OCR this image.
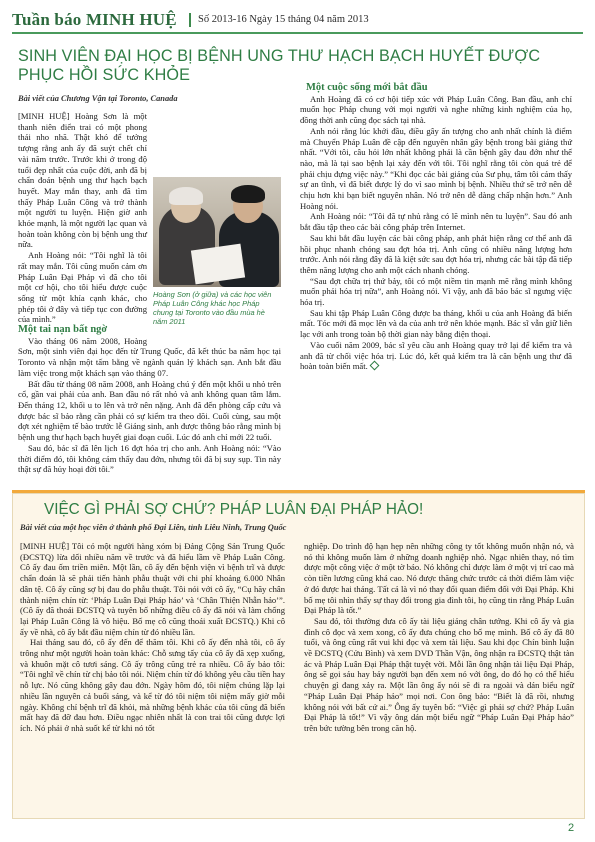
Tuần báo MINH HUỆ Số 2013-16 Ngày 15 tháng 04 năm 2013
SINH VIÊN ĐẠI HỌC BỊ BỆNH UNG THƯ HẠCH BẠCH HUYẾT ĐƯỢC PHỤC HỒI SỨC KHỎE
Bài viết của Chương Vận tại Toronto, Canada
Hoàng Sơn (ở giữa) và các học viên Pháp Luân Công khác học Pháp chung tại Toronto vào đầu mùa hè năm 2011

[MINH HUỆ] Hoàng Sơn là một thanh niên điển trai có một phong thái nho nhã. Thật khó để tưởng tượng rằng anh ấy đã suýt chết chỉ vài năm trước. Trước khi ở trong độ tuổi đẹp nhất của cuộc đời, anh đã bị chẩn đoán bệnh ung thư hạch bạch huyết. May mắn thay, anh đã tìm thấy Pháp Luân Công và trở thành một người tu luyện. Hiện giờ anh khỏe mạnh, là một người lạc quan và hoàn toàn không còn bị bệnh ung thư nữa.

Anh Hoàng nói: “Tôi nghĩ là tôi rất may mắn. Tôi cũng muốn cảm ơn Pháp Luân Đại Pháp vì đã cho tôi một cơ hội, cho tôi hiểu được cuộc sống từ một khía cạnh khác, cho phép tôi ở đây và tiếp tục con đường của mình.”

Một tai nạn bất ngờ

Vào tháng 06 năm 2008, Hoàng Sơn, một sinh viên đại học đến từ Trung Quốc, đã kết thúc ba năm học tại Toronto và nhận một tấm bằng về ngành quản lý khách sạn. Anh bắt đầu làm việc trong một khách sạn vào tháng 07.

Bất đầu từ tháng 08 năm 2008, anh Hoàng chú ý đến một khối u nhỏ trên cổ, gần vai phải của anh. Ban đầu nó rất nhỏ và anh không quan tâm lắm. Đến tháng 12, khối u to lên và trở nên nặng. Anh đã đến phòng cấp cứu và được bác sĩ bảo rằng cần phải có sự kiểm tra theo dõi. Cuối cùng, sau một đợt xét nghiệm tế bào trước lễ Giáng sinh, anh được thông báo rằng mình bị bệnh ung thư hạch bạch huyết giai đoạn cuối. Lúc đó anh chỉ mới 22 tuổi.

Sau đó, bác sĩ đã lên lịch 16 đợt hóa trị cho anh. Anh Hoàng nói: “Vào thời điểm đó, tôi không cảm thấy đau đớn, nhưng tôi đã bị suy sụp. Tin này thật sự đã hủy hoại đời tôi.”

Một cuộc sống mới bắt đầu

Anh Hoàng đã có cơ hội tiếp xúc với Pháp Luân Công. Ban đầu, anh chỉ muốn học Pháp chung với mọi người và nghe những kinh nghiệm của họ, đồng thời anh cũng đọc sách tại nhà.

Anh nói rằng lúc khởi đầu, điều gây ấn tượng cho anh nhất chính là điểm mà Chuyển Pháp Luân đề cập đến nguyên nhân gây bệnh trong bài giảng thứ nhất. “Với tôi, câu hỏi lớn nhất không phải là cần bệnh gây đau đớn như thế nào, mà là tại sao bệnh lại xảy đến với tôi. Tôi nghĩ rằng tôi còn quá trẻ để phải chịu đựng việc này.” “Khi đọc các bài giảng của Sư phụ, tâm tôi cảm thấy sự an tĩnh, vì đã biết được lý do vì sao mình bị bệnh. Nhiều thứ sẽ trở nên dễ chịu hơn khi bạn biết nguyên nhân. Nó trở nên dễ dàng chấp nhận hơn.” Anh Hoàng nói.

Anh Hoàng nói: “Tôi đã tự nhủ rằng có lẽ mình nên tu luyện”. Sau đó anh bắt đầu tập theo các bài công pháp trên Internet.

Sau khi bắt đầu luyện các bài công pháp, anh phát hiện rằng cơ thể anh đã hồi phục nhanh chóng sau đợt hóa trị. Anh cũng có nhiều năng lượng hơn trước. Anh nói rằng đây đã là kiệt sức sau đợt hóa trị, nhưng các bài tập đã tiếp thêm năng lượng cho anh một cách nhanh chóng.

“Sau đợt chữa trị thứ bảy, tôi có một niềm tin mạnh mẽ rằng mình không muốn phải hóa trị nữa”, anh Hoàng nói. Vì vậy, anh đã bảo bác sĩ ngưng việc hóa trị.

Sau khi tập Pháp Luân Công được ba tháng, khối u của anh Hoàng đã biến mất. Tóc mới đã mọc lên và da của anh trở nên khỏe mạnh. Bác sĩ vẫn giữ liên lạc với anh trong toàn bộ thời gian này bằng điện thoại.

Vào cuối năm 2009, bác sĩ yêu cầu anh Hoàng quay trở lại để kiểm tra và anh đã từ chối việc hóa trị. Lúc đó, kết quả kiểm tra là căn bệnh ung thư đã hoàn toàn biến mất.

VIỆC GÌ PHẢI SỢ CHỨ? PHÁP LUÂN ĐẠI PHÁP HẢO!
Bài viết của một học viên ở thành phố Đại Liên, tỉnh Liêu Ninh, Trung Quốc

[MINH HUỆ] Tôi có một người hàng xóm bị Đảng Cộng Sản Trung Quốc (ĐCSTQ) lừa dối nhiều năm về trước và đã hiểu lầm về Pháp Luân Công. Cô ấy đau ốm triền miên. Một lần, cô ấy đến bệnh viện vì bệnh trĩ và được chẩn đoán là sẽ phải tiến hành phẫu thuật với chi phí khoảng 6.000 Nhân dân tệ. Cô ấy cũng sợ bị đau do phẫu thuật. Tôi nói với cô ấy, “Cụ hãy chân thành niệm chín từ: ‘Pháp Luân Đại Pháp hảo’ và ‘Chân Thiện Nhẫn hảo’”. (Cô ấy đã thoái ĐCSTQ và tuyên bố những điều cô ấy đã nói và làm chống lại Pháp Luân Công là vô hiệu. Bố mẹ cô cũng thoái xuất ĐCSTQ.) Khi cô ấy về nhà, cô ấy bắt đầu niệm chín từ đó nhiều lần.

Hai tháng sau đó, cô ấy đến để thăm tôi. Khi cô ấy đến nhà tôi, cô ấy trông như một người hoàn toàn khác: Chỗ sưng tấy của cô ấy đã xẹp xuống, và khuôn mặt cô tươi sáng. Cô ấy trông cũng trẻ ra nhiều. Cô ấy bảo tôi: “Tôi nghĩ về chín từ chị bảo tôi nói. Niệm chín từ đó không yêu cầu tiền hay nỗ lực. Nó cũng không gây đau đớn. Ngày hôm đó, tôi niệm chúng lặp lại nhiều lần nguyên cả buổi sáng, và kể từ đó tôi niệm tôi niệm mấy giờ mỗi ngày. Không chỉ bệnh trĩ đã khỏi, mà những bệnh khác của tôi cũng đã biến mất hay đã đỡ đau hơn. Điều ngạc nhiên nhất là con trai tôi cũng được lợi ích. Nó phải ở nhà suốt kể từ khi nó tốt

nghiệp. Do trình độ hạn hẹp nên những công ty tốt không muốn nhận nó, và nó thì không muốn làm ở những doanh nghiệp nhỏ. Ngạc nhiên thay, nó tìm được một công việc ở một tờ báo. Nó không chỉ được làm ở một vị trí cao mà còn tiền lương cũng khá cao. Nó được thăng chức trước cả thời điểm làm việc ở đó được hai tháng. Tất cả là vì nó thay đổi quan điểm đối với Đại Pháp. Khi bố mẹ tôi nhìn thấy sự thay đổi trong gia đình tôi, họ cũng tin rằng Pháp Luân Đại Pháp là tốt.”

Sau đó, tôi thường đưa cô ấy tài liệu giảng chân tướng. Khi cô ấy và gia đình cô đọc và xem xong, cô ấy đưa chúng cho bố mẹ mình. Bố cô ấy đã 80 tuổi, và ông cũng rất vui khi đọc và xem tài liệu. Sau khi đọc Chín bình luận về ĐCSTQ (Cửu Bình) và xem DVD Thần Vận, ông nhận ra ĐCSTQ thật tàn ác và Pháp Luân Đại Pháp thật tuyệt vời. Mỗi lần ông nhận tài liệu Đại Pháp, ông sẽ gọi sáu hay bảy người bạn đến xem nó với ông, do đó họ có thể hiểu chuyện gì đang xảy ra. Một lần ông ấy nói sẽ đi ra ngoài và dán biểu ngữ “Pháp Luân Đại Pháp hảo” mọi nơi. Con ông bảo: “Biết là đã rồi, nhưng không nói với bất cứ ai.” Ông ấy tuyên bố: “Việc gì phải sợ chứ? Pháp Luân Đại Pháp là tốt!” Vì vậy ông dán một biểu ngữ “Pháp Luân Đại Pháp hảo” trên bức tường bên trong căn hộ.

2
